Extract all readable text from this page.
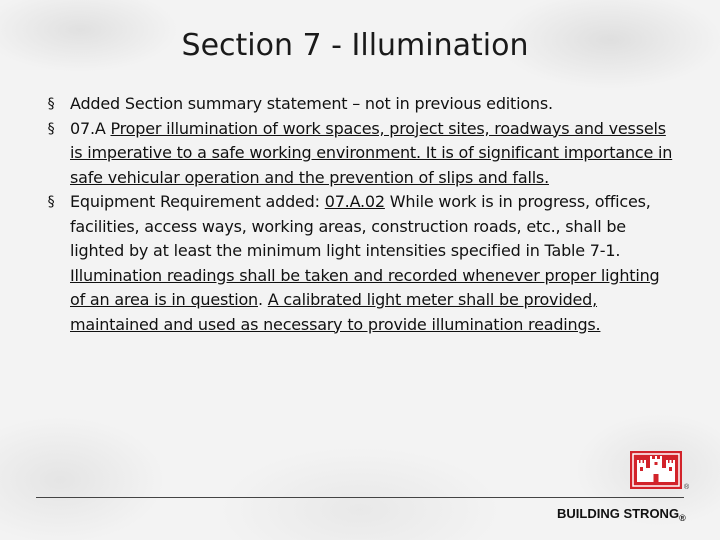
Section 7 - Illumination
§ Added Section summary statement – not in previous editions.
§ 07.A Proper illumination of work spaces, project sites, roadways and vessels is imperative to a safe working environment. It is of significant importance in safe vehicular operation and the prevention of slips and falls.
§ Equipment Requirement added: 07.A.02 While work is in progress, offices, facilities, access ways, working areas, construction roads, etc., shall be lighted by at least the minimum light intensities specified in Table 7-1. Illumination readings shall be taken and recorded whenever proper lighting of an area is in question. A calibrated light meter shall be provided, maintained and used as necessary to provide illumination readings.
®
BUILDING $STRONG_®$
